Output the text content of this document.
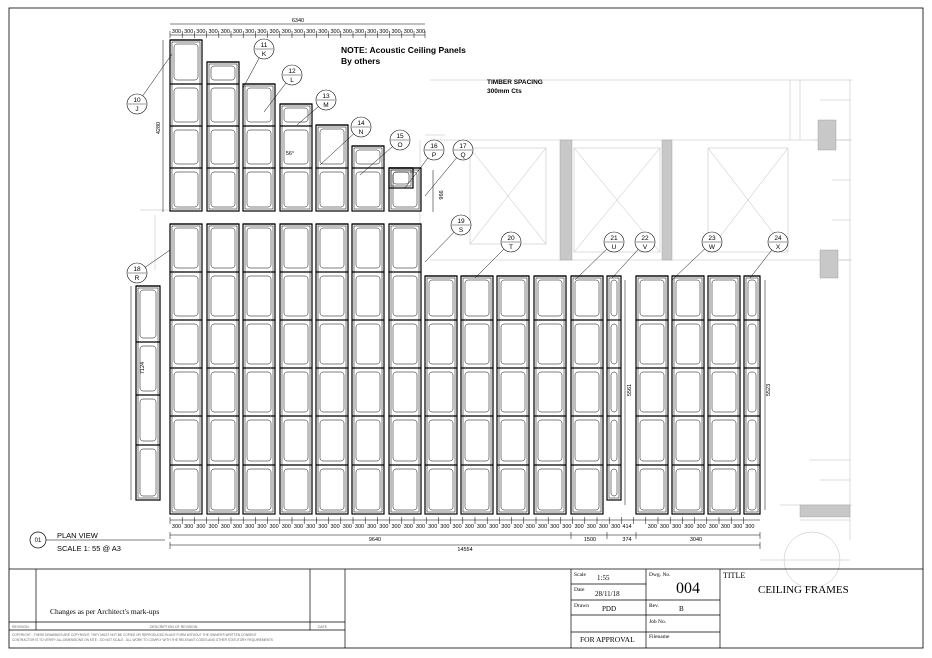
10
J
11
K
12
L
13
M
14
N
15
O	16
P
17
Q
18
R
19
S
20
T
21
U
22
V
23
W
24
X
6340
300 300 300 300 300 300 300 300 300 300 300 300 300 300 300 300 300 300 300 300 300
4280
7124
966
5561	5523
56°
300 300 300 300 300 300 300 300 300 300 300 300 300 300 300 300 300 300 300 300 300 300 300 300 300 300 300 300 300 300 300 300 300 300 300 300 300	300 300 300 300 300 300 300 300 300
414
9640	1500	374	3040
14554
01
PLAN VIEW
SCALE 1: 55 @ A3
NOTE: Acoustic Ceiling Panels
By others
TIMBER SPACING
300mm Cts
Changes as per Architect's mark-ups
REVISION	DESCRIPTION OF REVISION	DATE
COPYRIGHT - THESE DRAWINGS ARE COPYRIGHT. THEY MUST NOT BE COPIED OR REPRODUCED IN ANY FORM WITHOUT THE OWNER'S WRITTEN CONSENT
CONTRACTOR IS TO VERIFY ALL DIMENSIONS ON SITE - DO NOT SCALE - ALL WORK TO COMPLY WITH THE RELEVANT CODES AND OTHER STATUTORY REQUIREMENTS
Scale 1:55
Date 28/11/18
Drawn PDD
FOR APPROVAL
Dwg. No.
004
Rev.	B
Job No.
Filename
TITLE
CEILING FRAMES
